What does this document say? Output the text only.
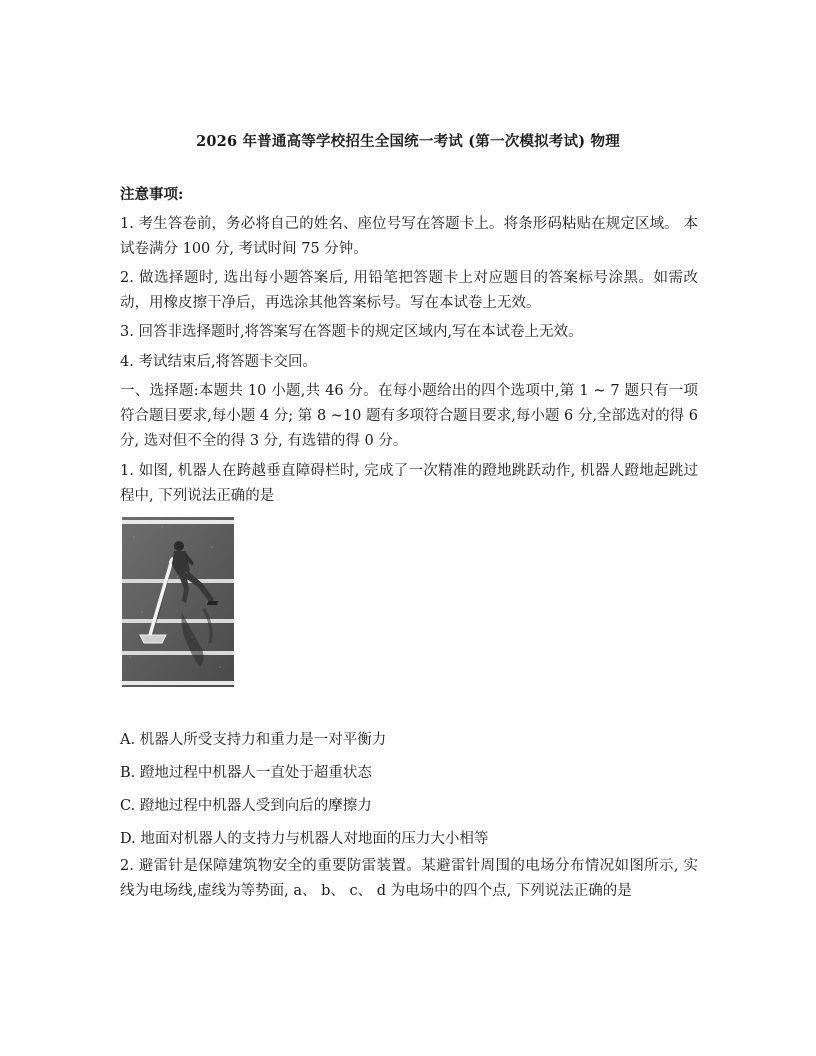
2026 年普通高等学校招生全国统一考试 (第一次模拟考试) 物理
注意事项:
1. 考生答卷前，务必将自己的姓名、座位号写在答题卡上。将条形码粘贴在规定区域。 本试卷满分 100 分, 考试时间 75 分钟。
2. 做选择题时, 选出每小题答案后, 用铅笔把答题卡上对应题目的答案标号涂黑。如需改动，用橡皮擦干净后，再选涂其他答案标号。写在本试卷上无效。
3. 回答非选择题时,将答案写在答题卡的规定区域内,写在本试卷上无效。
4. 考试结束后,将答题卡交回。
一、选择题:本题共 10 小题,共 46 分。在每小题给出的四个选项中,第 1 ~ 7 题只有一项符合题目要求,每小题 4 分; 第 8 ~10 题有多项符合题目要求,每小题 6 分,全部选对的得 6 分, 选对但不全的得 3 分, 有选错的得 0 分。
1. 如图, 机器人在跨越垂直障碍栏时, 完成了一次精准的蹬地跳跃动作, 机器人蹬地起跳过程中, 下列说法正确的是
A. 机器人所受支持力和重力是一对平衡力
B. 蹬地过程中机器人一直处于超重状态
C. 蹬地过程中机器人受到向后的摩擦力
D. 地面对机器人的支持力与机器人对地面的压力大小相等
2. 避雷针是保障建筑物安全的重要防雷装置。某避雷针周围的电场分布情况如图所示, 实线为电场线,虚线为等势面, a、 b、 c、 d 为电场中的四个点, 下列说法正确的是
